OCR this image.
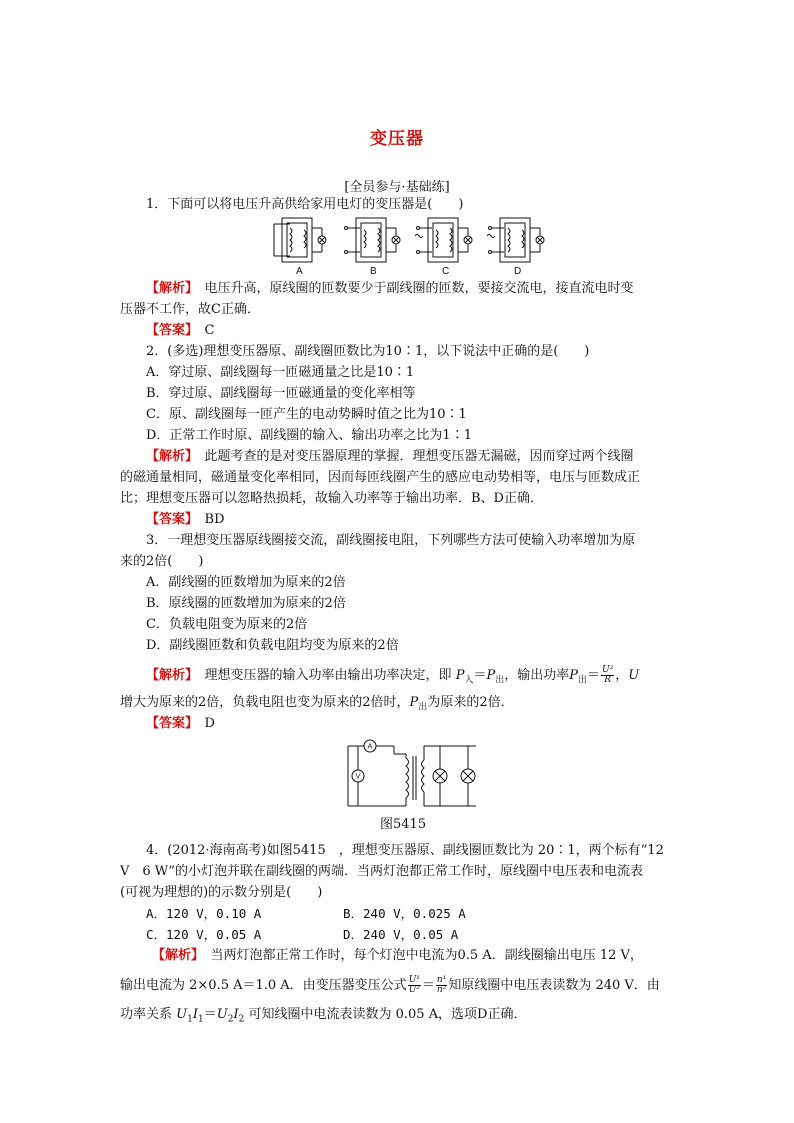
变压器
[全员参与·基础练]
1．下面可以将电压升高供给家用电灯的变压器是(　　)
A	B	C	D
【解析】　 电压升高，原线圈的匝数要少于副线圈的匝数，要接交流电，接直流电时变
压器不工作，故C正确．
【答案】　 C
2．(多选)理想变压器原、副线圈匝数比为10∶1，以下说法中正确的是(　　)
A．穿过原、副线圈每一匝磁通量之比是10∶1
B．穿过原、副线圈每一匝磁通量的变化率相等
C．原、副线圈每一匝产生的电动势瞬时值之比为10∶1
D．正常工作时原、副线圈的输入、输出功率之比为1∶1
【解析】　 此题考查的是对变压器原理的掌握．理想变压器无漏磁，因而穿过两个线圈
的磁通量相同，磁通量变化率相同，因而每匝线圈产生的感应电动势相等，电压与匝数成正
比；理想变压器可以忽略热损耗，故输入功率等于输出功率．B、D正确．
【答案】　 BD
3．一理想变压器原线圈接交流，副线圈接电阻，下列哪些方法可使输入功率增加为原
来的2倍(　　)
A．副线圈的匝数增加为原来的2倍
B．原线圈的匝数增加为原来的2倍
C．负载电阻变为原来的2倍
D．副线圈匝数和负载电阻均变为原来的2倍
【解析】　 理想变压器的输入功率由输出功率决定，即 $P_入=P_出$，输出功率$P_出= \frac{\text{U²}}{R}$ ，U
增大为原来的2倍，负载电阻也变为原来的2倍时，$P_出$为原来的2倍．
【答案】　 D
A
V
图5415
4．(2012·海南高考)如图5415　，理想变压器原、副线圈匝数比为 20∶1，两个标有“12
V　6 W”的小灯泡并联在副线圈的两端．当两灯泡都正常工作时，原线圈中电压表和电流表
(可视为理想的)的示数分别是(　　)
A．120 V，0.10 A	B．240 V，0.025 A
C．120 V，0.05 A	D．240 V，0.05 A
【解析】　 当两灯泡都正常工作时，每个灯泡中电流为0.5 A．副线圈输出电压 12 V，
输出电流为 2×0.5 A＝1.0 A．由变压器变压公式 $\frac{\text{U¹}}{\text{U²}} = \frac{\text{n¹}}{\text{n²}}$ 知原线圈中电压表读数为 240 V．由
功率关系 $U_1I_1=U_2I_2$ 可知线圈中电流表读数为 0.05 A，选项D正确．
